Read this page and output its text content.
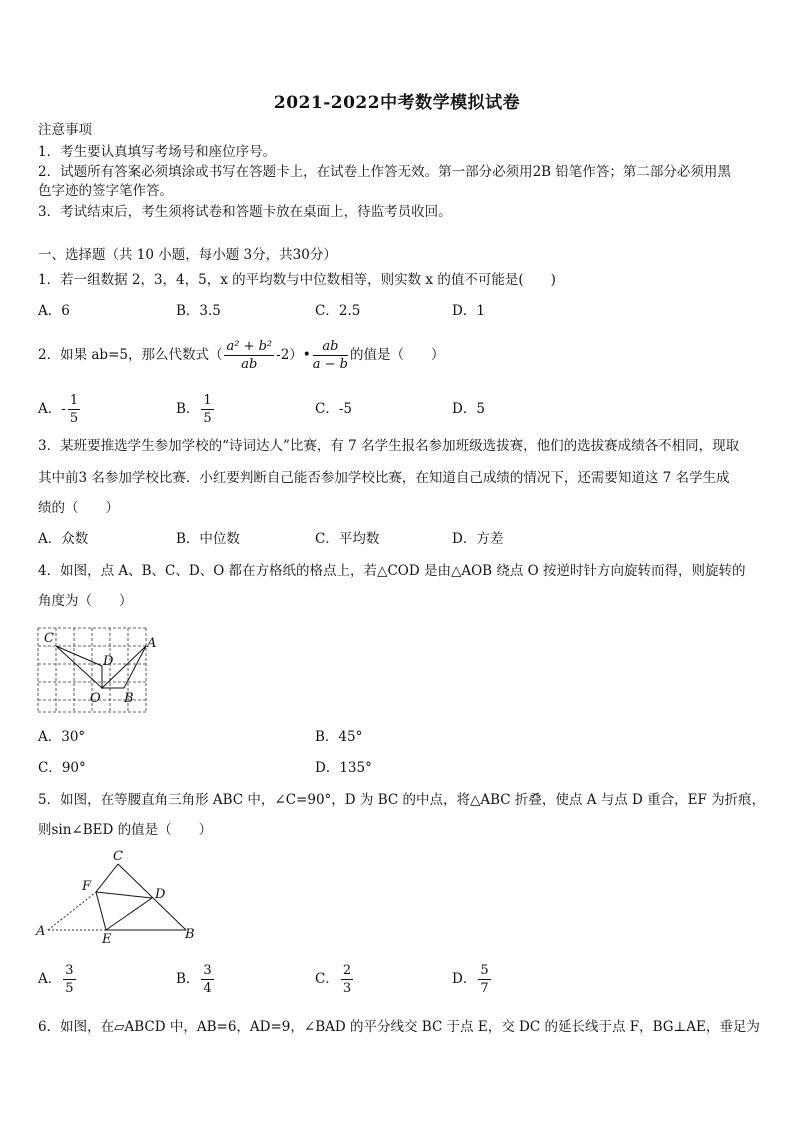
2021-2022中考数学模拟试卷
注意事项
1．考生要认真填写考场号和座位序号。
2．试题所有答案必须填涂或书写在答题卡上，在试卷上作答无效。第一部分必须用2B 铅笔作答；第二部分必须用黑
色字迹的签字笔作答。
3．考试结束后，考生须将试卷和答题卡放在桌面上，待监考员收回。
一、选择题（共 10 小题，每小题 3分，共30分）
1．若一组数据 2，3，4，5，x 的平均数与中位数相等，则实数 x 的值不可能是(　　)
A．6	B．3.5	C．2.5	D．1
2．如果 ab=5，那么代数式（ $\frac{\text{a² + b²}}{ab}$ -2）• $\frac{ab}{a - b}$ 的值是（　　）
A．- $\frac{1}{5}$	B． $\frac{1}{5}$	C．-5	D．5
3．某班要推选学生参加学校的“诗词达人”比赛，有 7 名学生报名参加班级选拔赛，他们的选拔赛成绩各不相同，现取
其中前3 名参加学校比赛．小红要判断自己能否参加学校比赛，在知道自己成绩的情况下，还需要知道这 7 名学生成
绩的（　　）
A．众数	B．中位数	C．平均数	D．方差
4．如图，点 A、B、C、D、O 都在方格纸的格点上，若△COD 是由△AOB 绕点 O 按逆时针方向旋转而得，则旋转的
角度为（　　）
C	A
D
O B
A．30°	B．45°
C．90°	D．135°
5．如图，在等腰直角三角形 ABC 中，∠C=90°，D 为 BC 的中点，将△ABC 折叠，使点 A 与点 D 重合，EF 为折痕，
则sin∠BED 的值是（　　）
C
F
D
A
E	B
A． $\frac{3}{5}$	B． $\frac{3}{4}$	C． $\frac{2}{3}$	D． $\frac{5}{7}$
6．如图，在▱ABCD 中，AB=6，AD=9，∠BAD 的平分线交 BC 于点 E，交 DC 的延长线于点 F，BG⊥AE，垂足为
